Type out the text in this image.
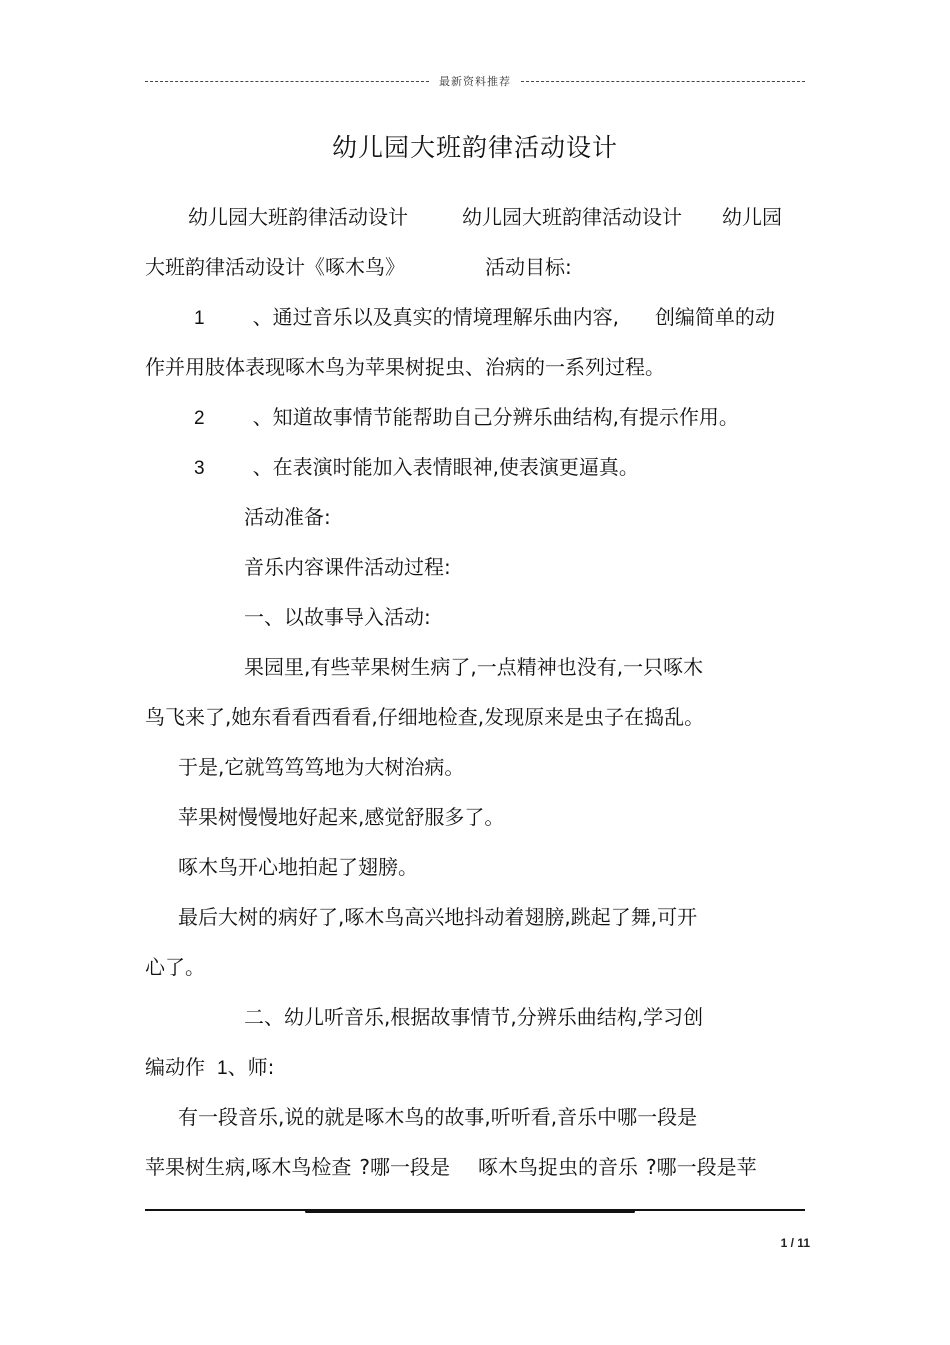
最新资料推荐
幼儿园大班韵律活动设计
幼儿园大班韵律活动设计	幼儿园大班韵律活动设计 幼儿园
大班韵律活动设计《啄木鸟》	活动目标:
1 、通过音乐以及真实的情境理解乐曲内容, 创编简单的动
作并用肢体表现啄木鸟为苹果树捉虫、治病的一系列过程。
2 、知道故事情节能帮助自己分辨乐曲结构,有提示作用。
3 、在表演时能加入表情眼神,使表演更逼真。
活动准备:
音乐内容课件活动过程:
一、以故事导入活动:
果园里,有些苹果树生病了,一点精神也没有,一只啄木
鸟飞来了,她东看看西看看,仔细地检查,发现原来是虫子在捣乱。
于是,它就笃笃笃地为大树治病。
苹果树慢慢地好起来,感觉舒服多了。
啄木鸟开心地拍起了翅膀。
最后大树的病好了,啄木鸟高兴地抖动着翅膀,跳起了舞,可开
心了。
二、幼儿听音乐,根据故事情节,分辨乐曲结构,学习创
编动作 1、师:
有一段音乐,说的就是啄木鸟的故事,听听看,音乐中哪一段是
苹果树生病,啄木鸟检查 ?哪一段是 啄木鸟捉虫的音乐 ?哪一段是苹
1 / 11
